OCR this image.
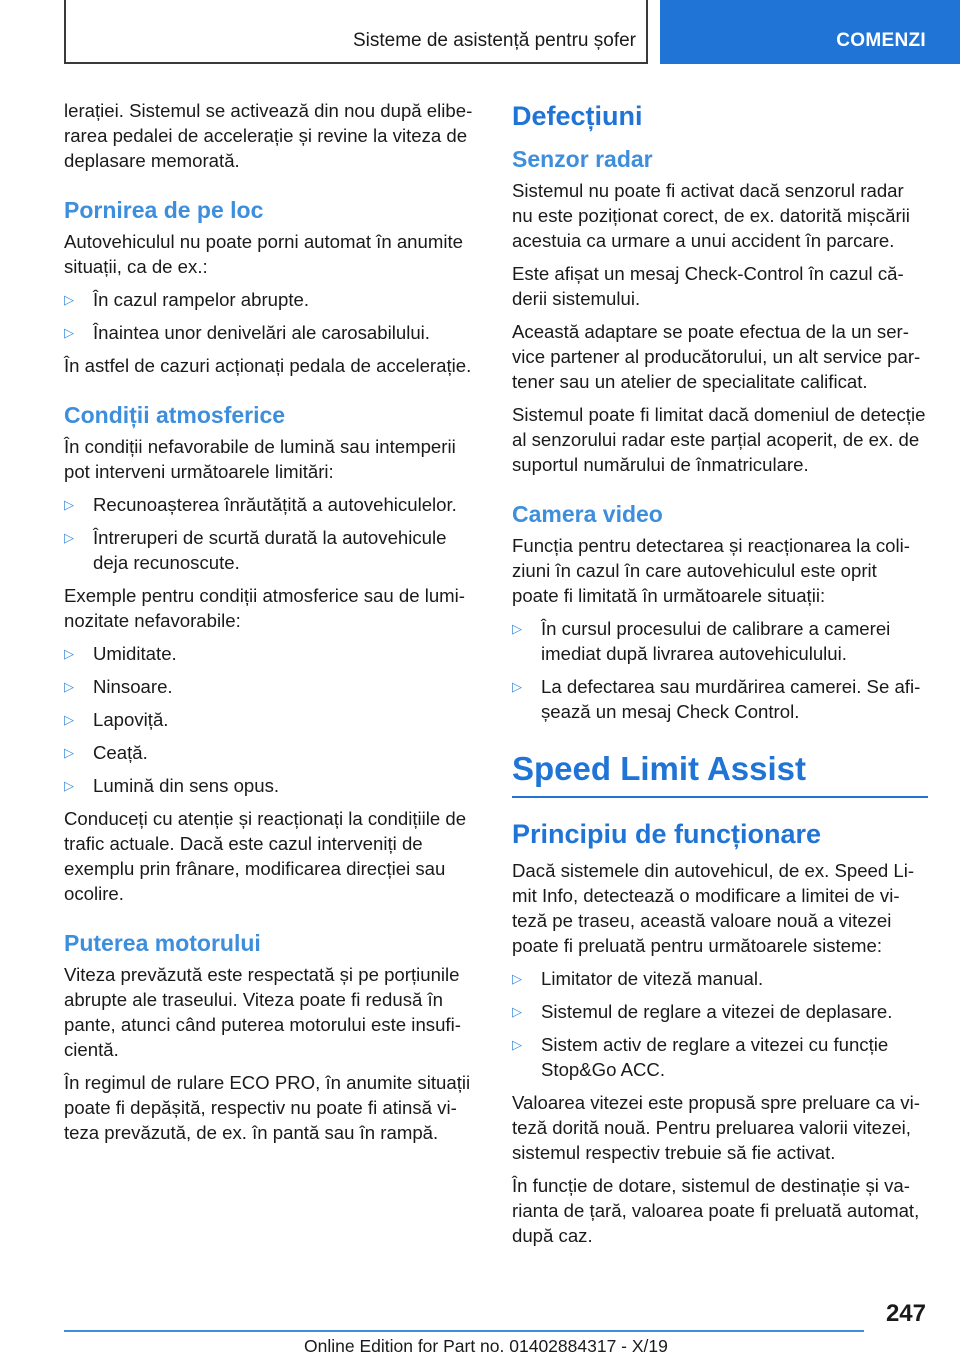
Sisteme de asistență pentru șofer	COMENZI

lerației. Sistemul se activează din nou după eliberarea pedalei de accelerație și revine la viteza de deplasare memorată.

Pornirea de pe loc

Autovehiculul nu poate porni automat în anumite situații, ca de ex.:

▷ În cazul rampelor abrupte.
▷ Înaintea unor denivelări ale carosabilului.

În astfel de cazuri acționați pedala de accelerație.

Condiții atmosferice

În condiții nefavorabile de lumină sau intemperii pot interveni următoarele limitări:

▷ Recunoașterea înrăutățită a autovehiculelor.
▷ Întreruperi de scurtă durată la autovehicule deja recunoscute.

Exemple pentru condiții atmosferice sau de luminozitate nefavorabile:

▷ Umiditate.
▷ Ninsoare.
▷ Lapoviță.
▷ Ceață.
▷ Lumină din sens opus.

Conduceți cu atenție și reacționați la condițiile de trafic actuale. Dacă este cazul interveniți de exemplu prin frânare, modificarea direcției sau ocolire.

Puterea motorului

Viteza prevăzută este respectată și pe porțiunile abrupte ale traseului. Viteza poate fi redusă în pante, atunci când puterea motorului este insuficientă.

În regimul de rulare ECO PRO, în anumite situații poate fi depășită, respectiv nu poate fi atinsă viteza prevăzută, de ex. în pantă sau în rampă.

Defecțiuni
Senzor radar

Sistemul nu poate fi activat dacă senzorul radar nu este poziționat corect, de ex. datorită mișcării acestuia ca urmare a unui accident în parcare.

Este afișat un mesaj Check-Control în cazul căderii sistemului.

Această adaptare se poate efectua de la un service partener al producătorului, un alt service partener sau un atelier de specialitate calificat.

Sistemul poate fi limitat dacă domeniul de detecție al senzorului radar este parțial acoperit, de ex. de suportul numărului de înmatriculare.

Camera video

Funcția pentru detectarea și reacționarea la coliziuni în cazul în care autovehiculul este oprit poate fi limitată în următoarele situații:

▷ În cursul procesului de calibrare a camerei imediat după livrarea autovehiculului.
▷ La defectarea sau murdărirea camerei. Se afișează un mesaj Check Control.
Speed Limit Assist
Principiu de funcționare

Dacă sistemele din autovehicul, de ex. Speed Limit Info, detectează o modificare a limitei de viteză pe traseu, această valoare nouă a vitezei poate fi preluată pentru următoarele sisteme:

▷ Limitator de viteză manual.
▷ Sistemul de reglare a vitezei de deplasare.
▷ Sistem activ de reglare a vitezei cu funcție Stop&Go ACC.

Valoarea vitezei este propusă spre preluare ca viteză dorită nouă. Pentru preluarea valorii vitezei, sistemul respectiv trebuie să fie activat.

În funcție de dotare, sistemul de destinație și varianta de țară, valoarea poate fi preluată automat, după caz.

247
Online Edition for Part no. 01402884317 - X/19
